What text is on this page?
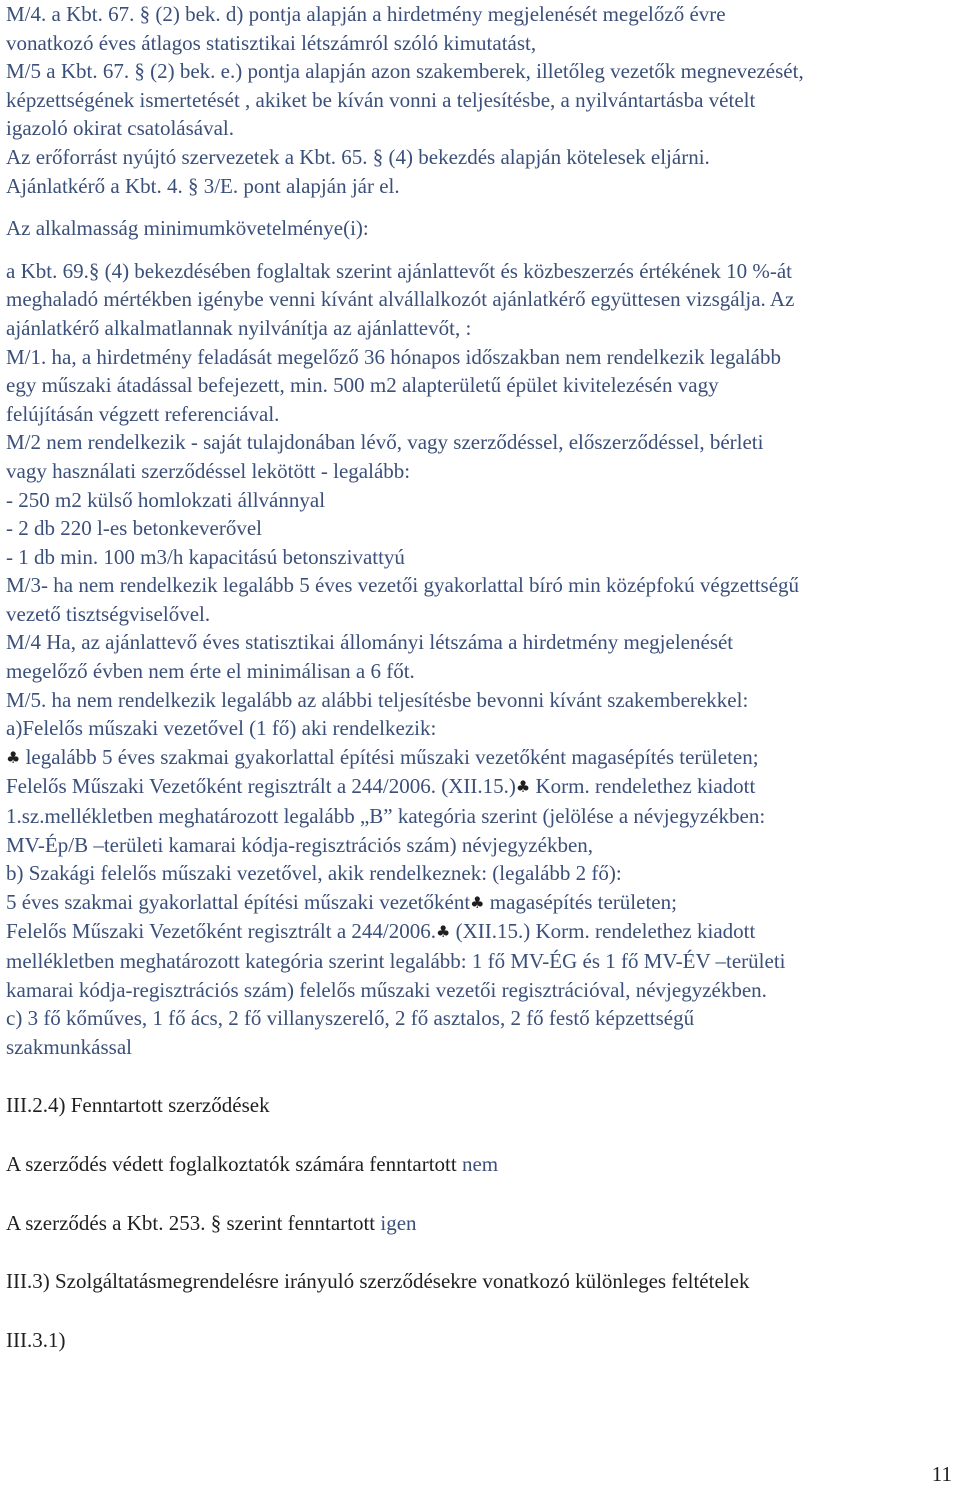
M/4. a Kbt. 67. § (2) bek. d) pontja alapján a hirdetmény megjelenését megelőző évre

vonatkozó éves átlagos statisztikai létszámról szóló kimutatást,

M/5 a Kbt. 67. § (2) bek. e.) pontja alapján azon szakemberek, illetőleg vezetők megnevezését,

képzettségének ismertetését , akiket be kíván vonni a teljesítésbe, a nyilvántartásba vételt

igazoló okirat csatolásával.

Az erőforrást nyújtó szervezetek a Kbt. 65. § (4) bekezdés alapján kötelesek eljárni.

Ajánlatkérő a Kbt. 4. § 3/E. pont alapján jár el.

Az alkalmasság minimumkövetelménye(i):

a Kbt. 69.§ (4) bekezdésében foglaltak szerint ajánlattevőt és közbeszerzés értékének 10 %-át

meghaladó mértékben igénybe venni kívánt alvállalkozót ajánlatkérő együttesen vizsgálja. Az

ajánlatkérő alkalmatlannak nyilvánítja az ajánlattevőt, :

M/1. ha, a hirdetmény feladását megelőző 36 hónapos időszakban nem rendelkezik legalább

egy műszaki átadással befejezett, min. 500 m2 alapterületű épület kivitelezésén vagy

felújításán végzett referenciával.

M/2 nem rendelkezik - saját tulajdonában lévő, vagy szerződéssel, előszerződéssel, bérleti

vagy használati szerződéssel lekötött - legalább:

- 250 m2 külső homlokzati állvánnyal

- 2 db 220 l-es betonkeverővel

- 1 db min. 100 m3/h kapacitású betonszivattyú

M/3- ha nem rendelkezik legalább 5 éves vezetői gyakorlattal bíró min középfokú végzettségű

vezető tisztségviselővel.

M/4 Ha, az ajánlattevő éves statisztikai állományi létszáma a hirdetmény megjelenését

megelőző évben nem érte el minimálisan a 6 főt.

M/5. ha nem rendelkezik legalább az alábbi teljesítésbe bevonni kívánt szakemberekkel:

a)Felelős műszaki vezetővel (1 fő) aki rendelkezik:

♣ legalább 5 éves szakmai gyakorlattal építési műszaki vezetőként magasépítés területen;

Felelős Műszaki Vezetőként regisztrált a 244/2006. (XII.15.)♣ Korm. rendelethez kiadott

1.sz.mellékletben meghatározott legalább „B” kategória szerint (jelölése a névjegyzékben:

MV-Ép/B –területi kamarai kódja-regisztrációs szám) névjegyzékben,

b) Szakági felelős műszaki vezetővel, akik rendelkeznek: (legalább 2 fő):

5 éves szakmai gyakorlattal építési műszaki vezetőként♣ magasépítés területen;

Felelős Műszaki Vezetőként regisztrált a 244/2006.♣ (XII.15.) Korm. rendelethez kiadott

mellékletben meghatározott kategória szerint legalább: 1 fő MV-ÉG és 1 fő MV-ÉV –területi

kamarai kódja-regisztrációs szám) felelős műszaki vezetői regisztrációval, névjegyzékben.

c) 3 fő kőműves, 1 fő ács, 2 fő villanyszerelő, 2 fő asztalos, 2 fő festő képzettségű

szakmunkással

III.2.4) Fenntartott szerződések

A szerződés védett foglalkoztatók számára fenntartott nem

A szerződés a Kbt. 253. § szerint fenntartott igen

III.3) Szolgáltatásmegrendelésre irányuló szerződésekre vonatkozó különleges feltételek

III.3.1)

11
